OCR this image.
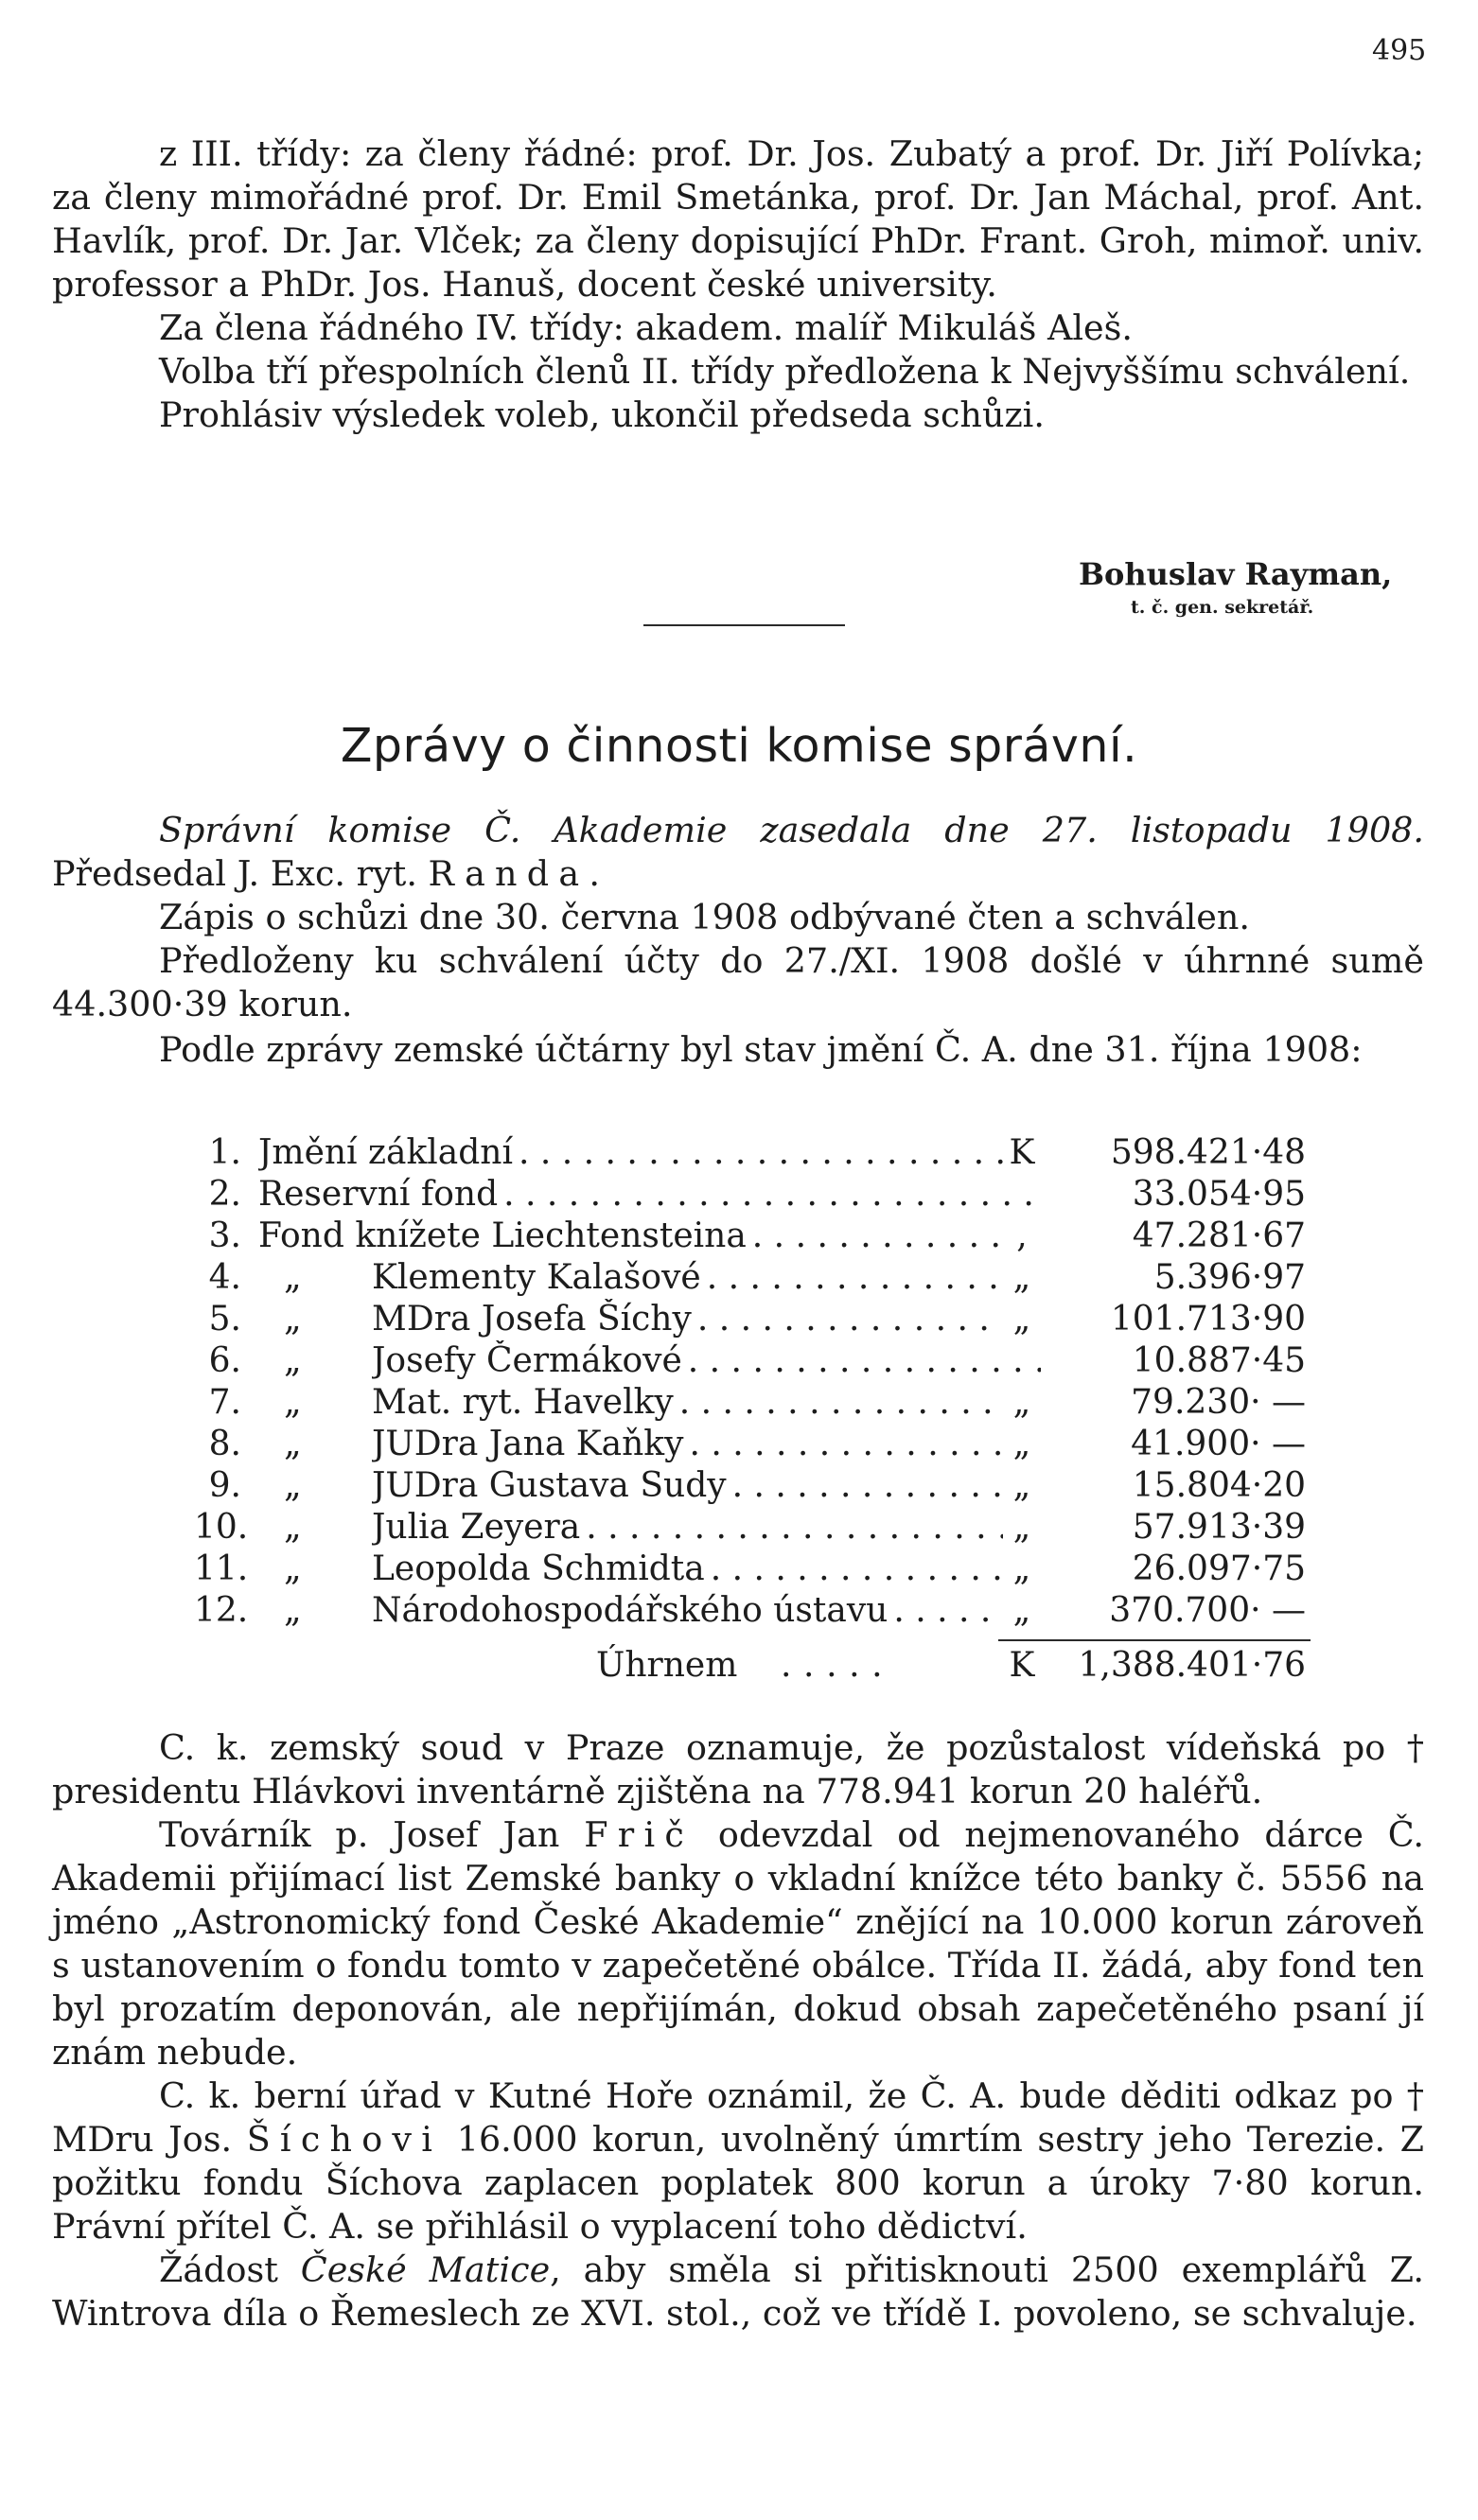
495

z III. třídy: za členy řádné: prof. Dr. Jos. Zubatý a prof. Dr. Jiří Polívka; za členy mimořádné prof. Dr. Emil Smetánka, prof. Dr. Jan Máchal, prof. Ant. Havlík, prof. Dr. Jar. Vlček; za členy dopisující PhDr. Frant. Groh, mimoř. univ. professor a PhDr. Jos. Hanuš, docent české university.

Za člena řádného IV. třídy: akadem. malíř Mikuláš Aleš.

Volba tří přespolních členů II. třídy předložena k Nejvyššímu schválení.

Prohlásiv výsledek voleb, ukončil předseda schůzi.

Bohuslav Rayman,
t. č. gen. sekretář.
Zprávy o činnosti komise správní.

Správní komise Č. Akademie zasedala dne 27. listopadu 1908. Předsedal J. Exc. ryt. Randa.

Zápis o schůzi dne 30. června 1908 odbývané čten a schválen.

Předloženy ku schválení účty do 27./XI. 1908 došlé v úhrnné sumě 44.300·39 korun.

Podle zprávy zemské účtárny byl stav jmění Č. A. dne 31. října 1908:

1. Jmění základní . . .	K	598.421·48
2. Reservní fond . . .	33.054·95
3. Fond knížete Liechtensteina . . .	,	47.281·67
4. „ Klementy Kalašové . . .	„	5.396·97
5. „ MDra Josefa Šíchy . . .	„	101.713·90
6. „ Josefy Čermákové . . .	10.887·45
7. „ Mat. ryt. Havelky . . .	„	79.230· —
8. „ JUDra Jana Kaňky . . .	„	41.900· —
9. „ JUDra Gustava Sudy . . .	„	15.804·20
10. „ Julia Zeyera . . .	„	57.913·39
11. „ Leopolda Schmidta . . .	„	26.097·75
12. „ Národohospodářského ústavu . . .	„	370.700· —
Úhrnem .....	K	1,388.401·76

C. k. zemský soud v Praze oznamuje, že pozůstalost vídeňská po † presidentu Hlávkovi inventárně zjištěna na 778.941 korun 20 haléřů.

Továrník p. Josef Jan Frič odevzdal od nejmenovaného dárce Č. Akademii přijímací list Zemské banky o vkladní knížce této banky č. 5556 na jméno „Astronomický fond České Akademie“ znějící na 10.000 korun zároveň s ustanovením o fondu tomto v zapečetěné obálce. Třída II. žádá, aby fond ten byl prozatím deponován, ale nepřijímán, dokud obsah zapečetěného psaní jí znám nebude.

C. k. berní úřad v Kutné Hoře oznámil, že Č. A. bude děditi odkaz po † MDru Jos. Šíchovi 16.000 korun, uvolněný úmrtím sestry jeho Terezie. Z požitku fondu Šíchova zaplacen poplatek 800 korun a úroky 7·80 korun. Právní přítel Č. A. se přihlásil o vyplacení toho dědictví.

Žádost České Matice, aby směla si přitisknouti 2500 exemplářů Z. Wintrova díla o Řemeslech ze XVI. stol., což ve třídě I. povoleno, se schvaluje.
